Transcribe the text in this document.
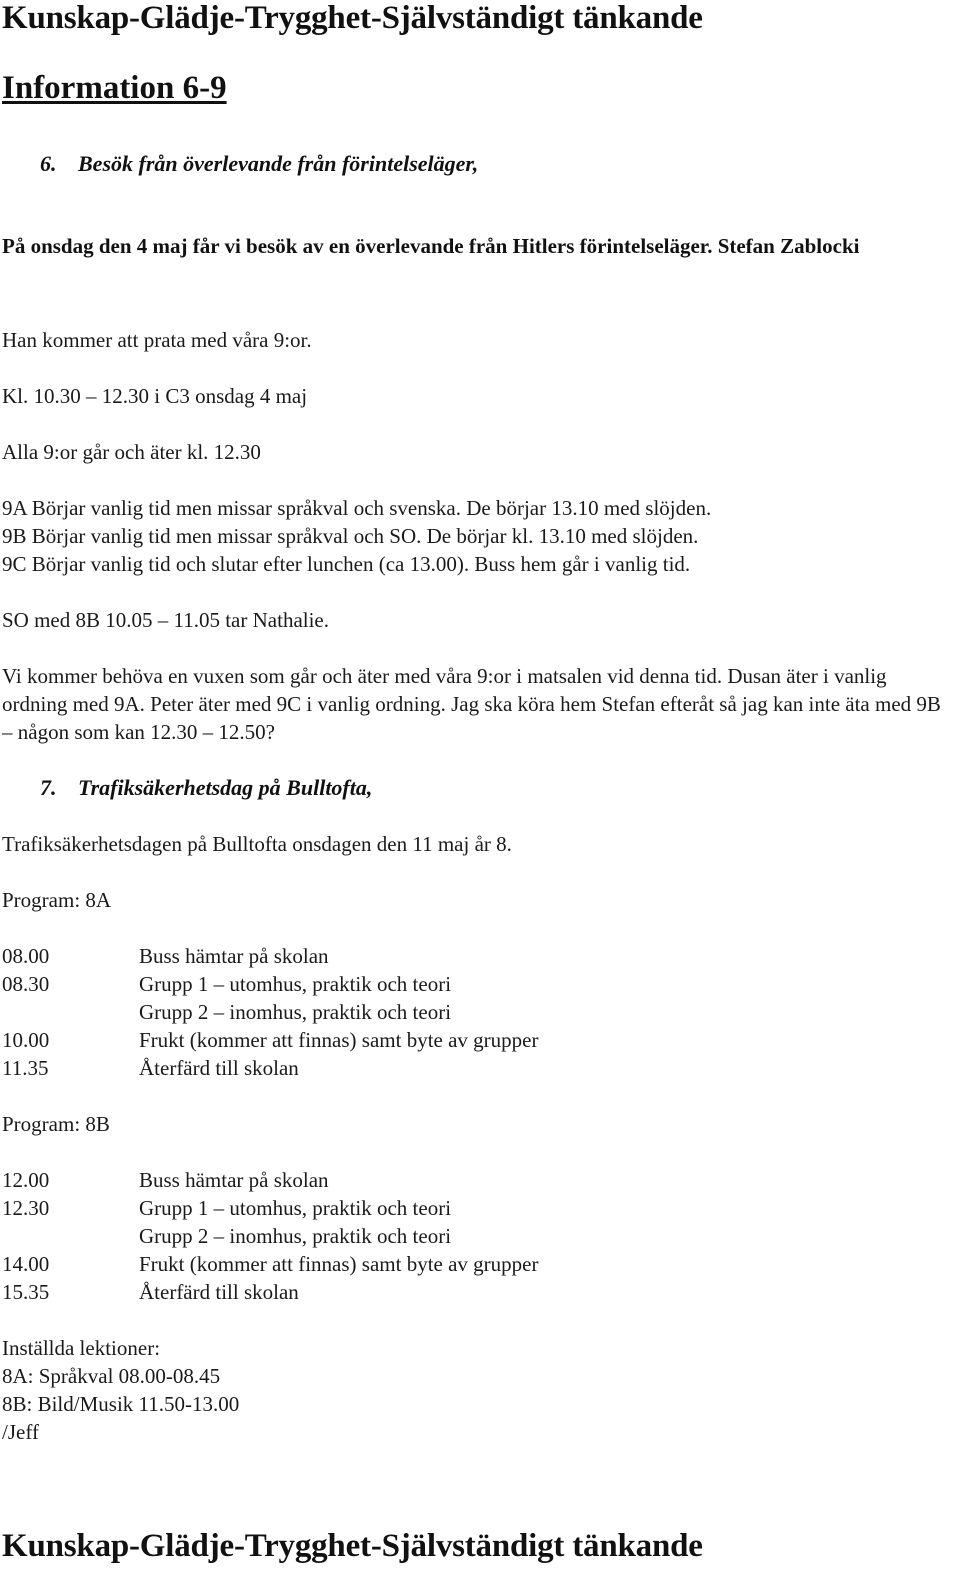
Kunskap-Glädje-Trygghet-Självständigt tänkande
Information 6-9
6. Besök från överlevande från förintelseläger,
På onsdag den 4 maj får vi besök av en överlevande från Hitlers förintelseläger. Stefan Zablocki
Han kommer att prata med våra 9:or.
Kl. 10.30 – 12.30 i C3 onsdag 4 maj
Alla 9:or går och äter kl. 12.30
9A Börjar vanlig tid men missar språkval och svenska. De börjar 13.10 med slöjden.
9B Börjar vanlig tid men missar språkval och SO. De börjar kl. 13.10 med slöjden.
9C Börjar vanlig tid och slutar efter lunchen (ca 13.00). Buss hem går i vanlig tid.
SO med 8B 10.05 – 11.05 tar Nathalie.
Vi kommer behöva en vuxen som går och äter med våra 9:or i matsalen vid denna tid. Dusan äter i vanlig ordning med 9A. Peter äter med 9C i vanlig ordning. Jag ska köra hem Stefan efteråt så jag kan inte äta med 9B – någon som kan 12.30 – 12.50?
7. Trafiksäkerhetsdag på Bulltofta,
Trafiksäkerhetsdagen på Bulltofta onsdagen den 11 maj år 8.
Program: 8A
08.00	Buss hämtar på skolan
08.30	Grupp 1 – utomhus, praktik och teori
Grupp 2 – inomhus, praktik och teori
10.00	Frukt (kommer att finnas) samt byte av grupper
11.35	Återfärd till skolan
Program: 8B
12.00	Buss hämtar på skolan
12.30	Grupp 1 – utomhus, praktik och teori
Grupp 2 – inomhus, praktik och teori
14.00	Frukt (kommer att finnas) samt byte av grupper
15.35	Återfärd till skolan
Inställda lektioner:
8A: Språkval 08.00-08.45
8B: Bild/Musik 11.50-13.00
/Jeff
Kunskap-Glädje-Trygghet-Självständigt tänkande
